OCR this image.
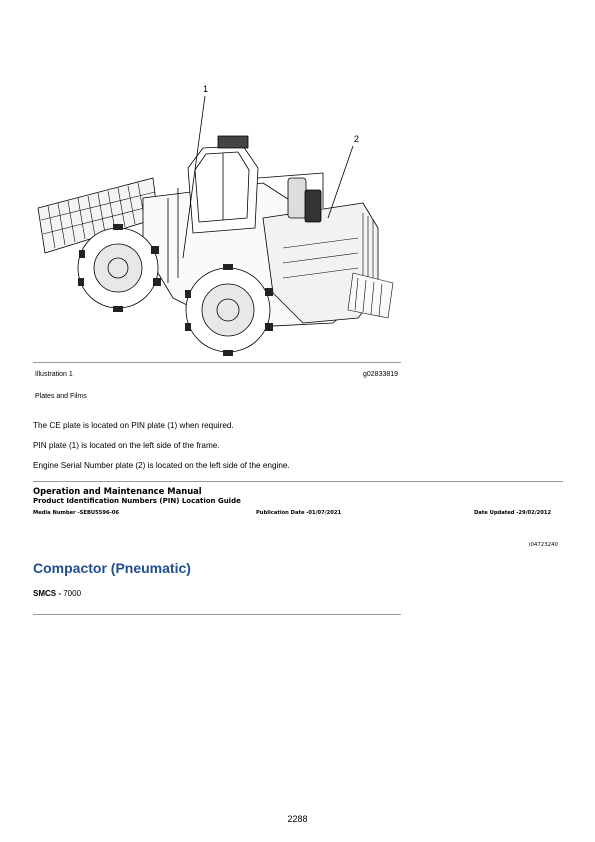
1
2
Illustration 1	g02833819
Plates and Films
The CE plate is located on PIN plate (1) when required.
PIN plate (1) is located on the left side of the frame.
Engine Serial Number plate (2) is located on the left side of the engine.
Operation and Maintenance Manual
Product Identification Numbers (PIN) Location Guide
Media Number -SEBU5596-06	Publication Date -01/07/2021	Date Updated -29/02/2012
i04723240
Compactor (Pneumatic)
SMCS - 7000
2288
